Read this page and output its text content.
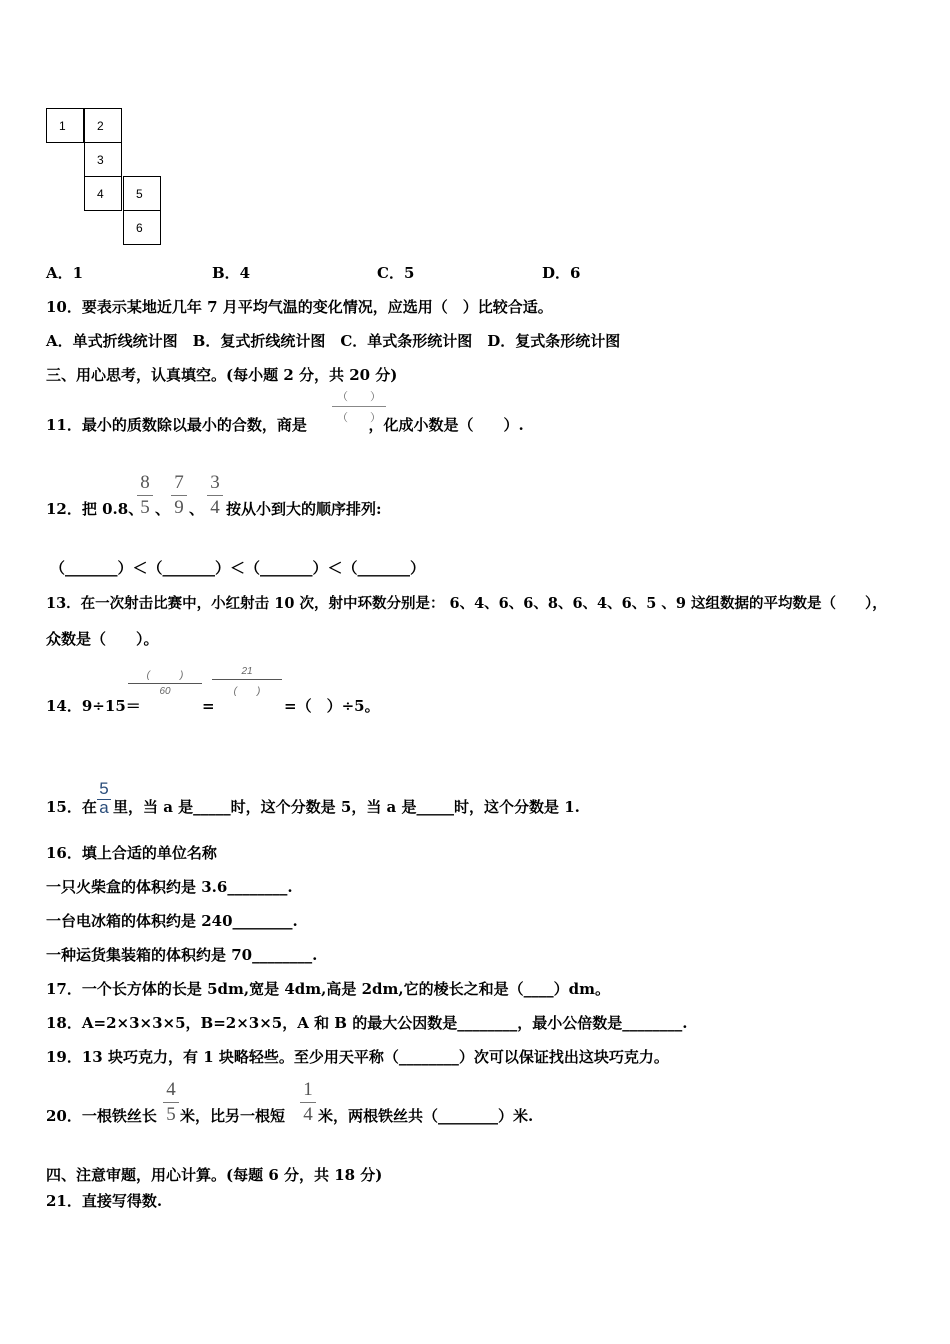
1	2
3
4	5
6
A．1	B．4	C．5	D．6
10．要表示某地近几年 7 月平均气温的变化情况，应选用（　）比较合适。
A．单式折线统计图　B．复式折线统计图　C．单式条形统计图　D．复式条形统计图
三、用心思考，认真填空。(每小题 2 分，共 20 分)
11．最小的质数除以最小的合数，商是	，化成小数是（　　）.
（　　）
（　　）
12．把 0.8、
8
5 、
7
9 、
3
4 按从小到大的顺序排列:
（_______）＜（_______）＜（_______）＜（_______）
13．在一次射击比赛中，小红射击 10 次，射中环数分别是： 6、4、6、6、8、6、4、6、5 、9 这组数据的平均数是（　　），
众数是（　　）。
14．9÷15＝
(　　　)
60
=
21
(　　)
=（　）÷5。
15．在
5
a 里，当 a 是_____时，这个分数是 5，当 a 是_____时，这个分数是 1.
16．填上合适的单位名称
一只火柴盒的体积约是 3.6________.
一台电冰箱的体积约是 240________.
一种运货集装箱的体积约是 70________.
17．一个长方体的长是 5dm,宽是 4dm,高是 2dm,它的棱长之和是（____）dm。
18．A=2×3×3×5，B=2×3×5，A 和 B 的最大公因数是________，最小公倍数是________.
19．13 块巧克力，有 1 块略轻些。至少用天平称（________）次可以保证找出这块巧克力。
20．一根铁丝长
4
5 米，比另一根短
1
4 米，两根铁丝共（________）米.
四、注意审题，用心计算。(每题 6 分，共 18 分)
21．直接写得数.
